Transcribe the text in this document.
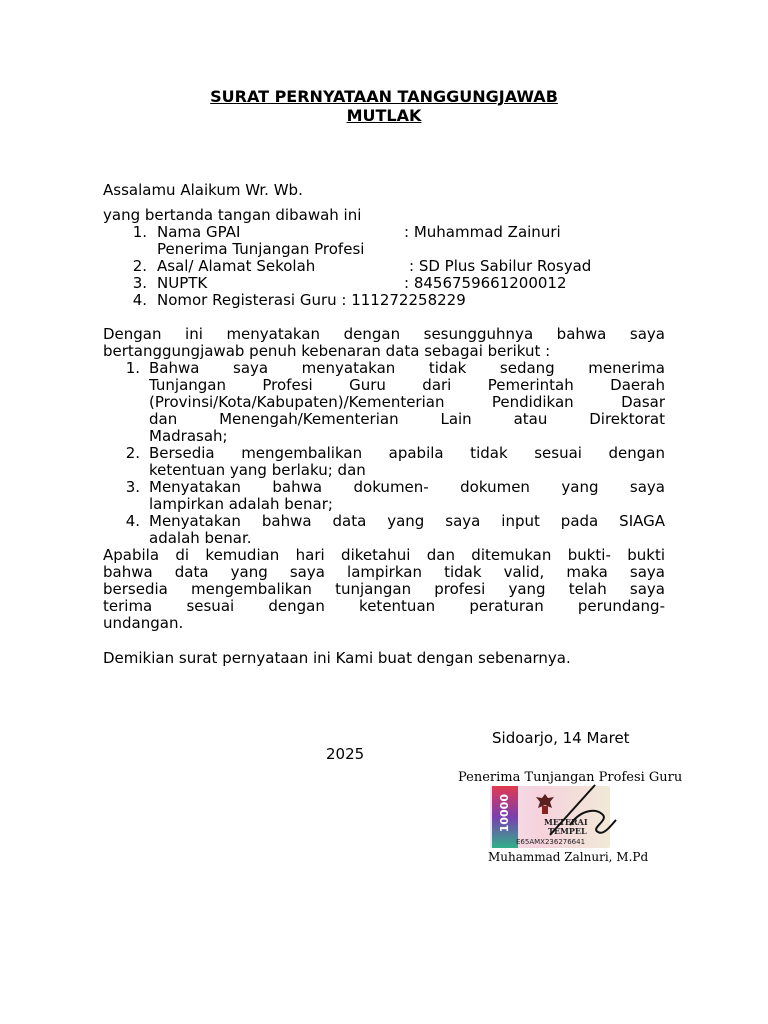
SURAT PERNYATAAN TANGGUNGJAWAB
MUTLAK
Assalamu Alaikum Wr. Wb.
yang bertanda tangan dibawah ini
1. Nama GPAI	: Muhammad Zainuri
Penerima Tunjangan Profesi
2. Asal/ Alamat Sekolah	: SD Plus Sabilur Rosyad
3. NUPTK	: 8456759661200012
4. Nomor Registerasi Guru : 111272258229
Dengan ini menyatakan dengan sesungguhnya bahwa saya
bertanggungjawab penuh kebenaran data sebagai berikut :
1. Bahwa saya menyatakan tidak sedang menerima
Tunjangan Profesi Guru dari Pemerintah Daerah
(Provinsi/Kota/Kabupaten)/Kementerian Pendidikan Dasar
dan Menengah/Kementerian Lain atau Direktorat
Madrasah;
2. Bersedia mengembalikan apabila tidak sesuai dengan
ketentuan yang berlaku; dan
3. Menyatakan bahwa dokumen- dokumen yang saya
lampirkan adalah benar;
4. Menyatakan bahwa data yang saya input pada SIAGA
adalah benar.
Apabila di kemudian hari diketahui dan ditemukan bukti- bukti
bahwa data yang saya lampirkan tidak valid, maka saya
bersedia mengembalikan tunjangan profesi yang telah saya
terima sesuai dengan ketentuan peraturan perundang-
undangan.
Demikian surat pernyataan ini Kami buat dengan sebenarnya.
Sidoarjo, 14 Maret
2025
Penerima Tunjangan Profesi Guru
10000	METERAI
TEMPEL
E65AMX236276641
Muhammad Zalnuri, M.Pd
